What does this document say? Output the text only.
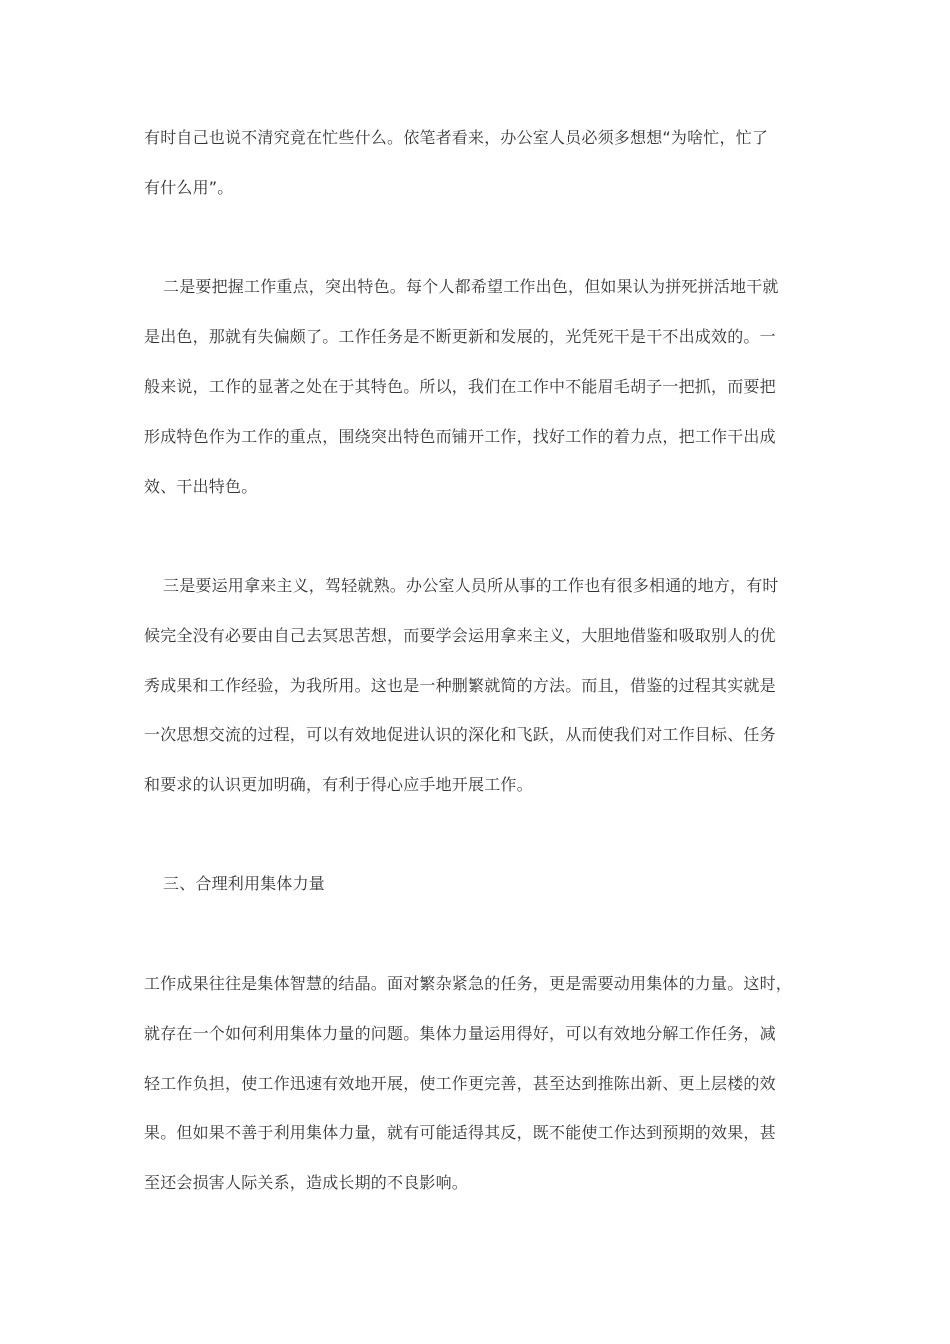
有时自己也说不清究竟在忙些什么。依笔者看来，办公室人员必须多想想“为啥忙，忙了
有什么用”。
二是要把握工作重点，突出特色。每个人都希望工作出色，但如果认为拼死拼活地干就
是出色，那就有失偏颇了。工作任务是不断更新和发展的，光凭死干是干不出成效的。一
般来说，工作的显著之处在于其特色。所以，我们在工作中不能眉毛胡子一把抓，而要把
形成特色作为工作的重点，围绕突出特色而铺开工作，找好工作的着力点，把工作干出成
效、干出特色。
三是要运用拿来主义，驾轻就熟。办公室人员所从事的工作也有很多相通的地方，有时
候完全没有必要由自己去冥思苦想，而要学会运用拿来主义，大胆地借鉴和吸取别人的优
秀成果和工作经验，为我所用。这也是一种删繁就简的方法。而且，借鉴的过程其实就是
一次思想交流的过程，可以有效地促进认识的深化和飞跃，从而使我们对工作目标、任务
和要求的认识更加明确，有利于得心应手地开展工作。
三、合理利用集体力量
工作成果往往是集体智慧的结晶。面对繁杂紧急的任务，更是需要动用集体的力量。这时，
就存在一个如何利用集体力量的问题。集体力量运用得好，可以有效地分解工作任务，减
轻工作负担，使工作迅速有效地开展，使工作更完善，甚至达到推陈出新、更上层楼的效
果。但如果不善于利用集体力量，就有可能适得其反，既不能使工作达到预期的效果，甚
至还会损害人际关系，造成长期的不良影响。
